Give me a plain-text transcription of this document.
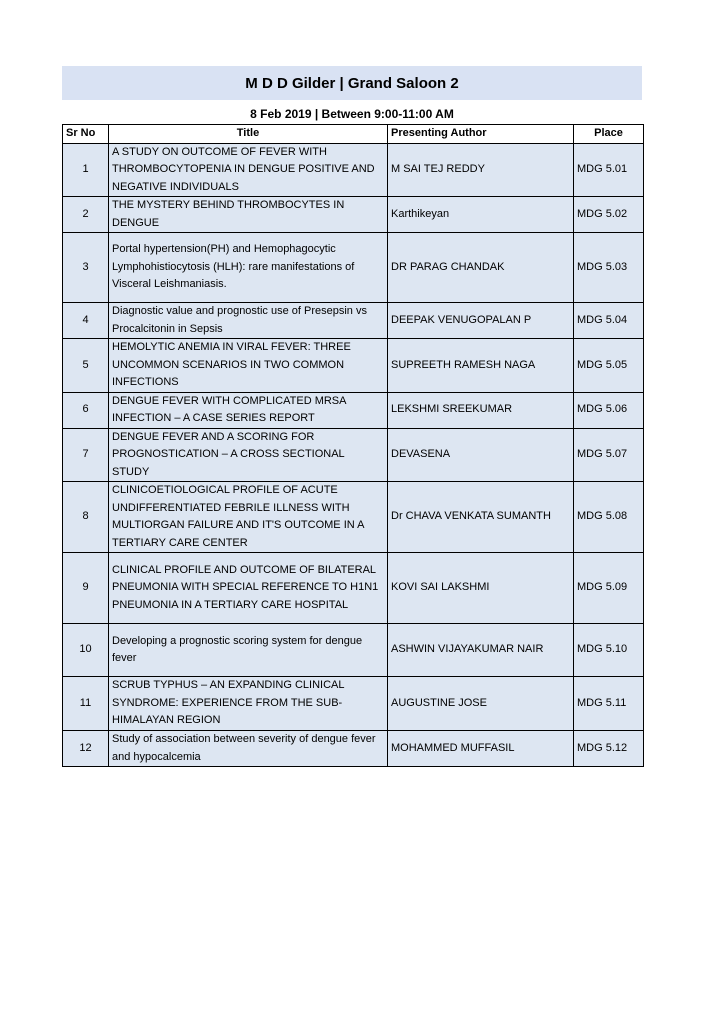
M D D Gilder | Grand Saloon 2
8 Feb 2019 | Between 9:00-11:00 AM
Sr No	Title	Presenting Author	Place
1	A STUDY ON OUTCOME OF FEVER WITH THROMBOCYTOPENIA IN DENGUE POSITIVE AND NEGATIVE INDIVIDUALS	M SAI TEJ REDDY	MDG 5.01
2	THE MYSTERY BEHIND THROMBOCYTES IN DENGUE	Karthikeyan	MDG 5.02
3	Portal hypertension(PH) and Hemophagocytic Lymphohistiocytosis (HLH): rare manifestations of Visceral Leishmaniasis.	DR PARAG CHANDAK	MDG 5.03
4	Diagnostic value and prognostic use of Presepsin vs Procalcitonin in Sepsis	DEEPAK VENUGOPALAN P	MDG 5.04
5	HEMOLYTIC ANEMIA IN VIRAL FEVER: THREE UNCOMMON SCENARIOS IN TWO COMMON INFECTIONS	SUPREETH RAMESH NAGA	MDG 5.05
6	DENGUE FEVER WITH COMPLICATED MRSA INFECTION – A CASE SERIES REPORT	LEKSHMI SREEKUMAR	MDG 5.06
7	DENGUE FEVER AND A SCORING FOR PROGNOSTICATION – A CROSS SECTIONAL STUDY	DEVASENA	MDG 5.07
8	CLINICOETIOLOGICAL PROFILE OF ACUTE UNDIFFERENTIATED FEBRILE ILLNESS WITH MULTIORGAN FAILURE AND IT'S OUTCOME IN A TERTIARY CARE CENTER	Dr CHAVA VENKATA SUMANTH	MDG 5.08
9	CLINICAL PROFILE AND OUTCOME OF BILATERAL PNEUMONIA WITH SPECIAL REFERENCE TO H1N1 PNEUMONIA IN A TERTIARY CARE HOSPITAL	KOVI SAI LAKSHMI	MDG 5.09
10	Developing a prognostic scoring system for dengue fever	ASHWIN VIJAYAKUMAR NAIR	MDG 5.10
11	SCRUB TYPHUS – AN EXPANDING CLINICAL SYNDROME: EXPERIENCE FROM THE SUB-HIMALAYAN REGION	AUGUSTINE JOSE	MDG 5.11
12	Study of association between severity of dengue fever and hypocalcemia	MOHAMMED MUFFASIL	MDG 5.12
